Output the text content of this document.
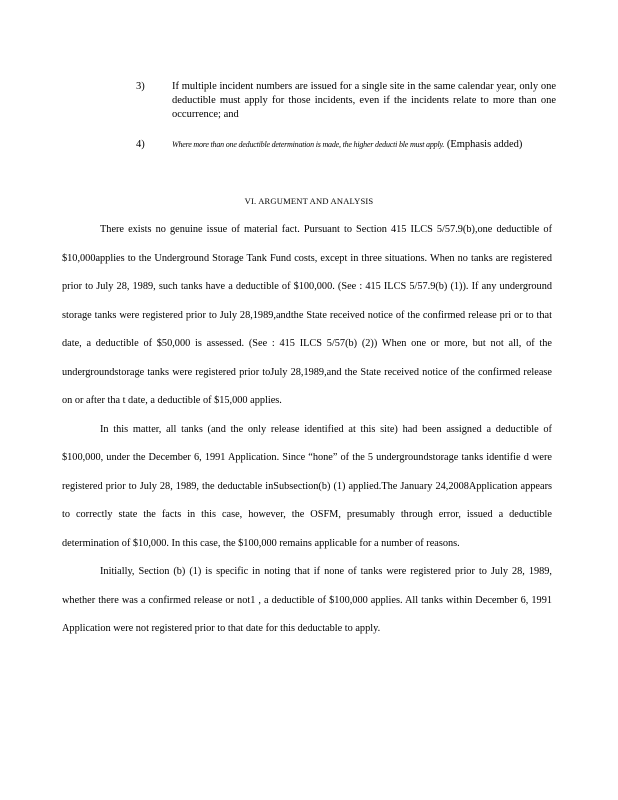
3)	If multiple incident numbers are issued for a single site in the same calendar year, only one deductible must apply for those incidents, even if the incidents relate to more than one occurrence; and
4)	Where more than one deductible determination is made, the higher deducti ble must apply. (Emphasis added)
VI. ARGUMENT AND ANALYSIS

There exists no genuine issue of material fact. Pursuant to Section 415 ILCS 5/57.9(b),one deductible of $10,000applies to the Underground Storage Tank Fund costs, except in three situations. When no tanks are registered prior to July 28, 1989, such tanks have a deductible of $100,000. (See : 415 ILCS 5/57.9(b) (1)). If any underground storage tanks were registered prior to July 28,1989,andthe State received notice of the confirmed release pri or to that date, a deductible of $50,000 is assessed. (See : 415 ILCS 5/57(b) (2)) When one or more, but not all, of the undergroundstorage tanks were registered prior toJuly 28,1989,and the State received notice of the confirmed release on or after tha t date, a deductible of $15,000 applies.

In this matter, all tanks (and the only release identified at this site) had been assigned a deductible of $100,000, under the December 6, 1991 Application. Since “hone” of the 5 undergroundstorage tanks identifie d were registered prior to July 28, 1989, the deductable inSubsection(b) (1) applied.The January 24,2008Application appears to correctly state the facts in this case, however, the OSFM, presumably through error, issued a deductible determination of $10,000. In this case, the $100,000 remains applicable for a number of reasons.

Initially, Section (b) (1) is specific in noting that if none of tanks were registered prior to July 28, 1989, whether there was a confirmed release or not1 , a deductible of $100,000 applies. All tanks within December 6, 1991 Application were not registered prior to that date for this deductable to apply.
